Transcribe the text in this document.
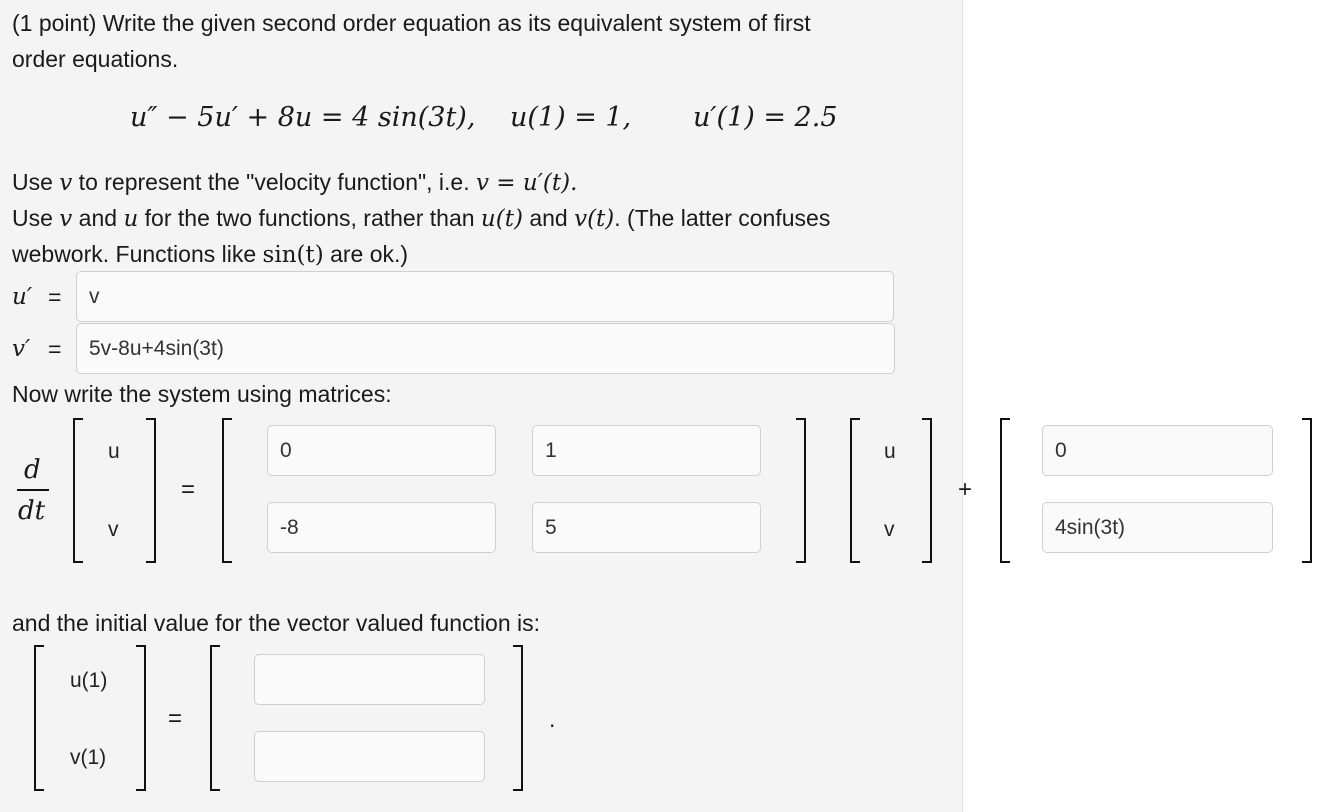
(1 point) Write the given second order equation as its equivalent system of first
order equations.
u″ − 5u′ + 8u = 4 sin(3t), u(1) = 1, u′(1) = 2.5
Use v to represent the "velocity function", i.e. v = u′(t).
Use v and u for the two functions, rather than u(t) and v(t). (The latter confuses
webwork. Functions like sin(t) are ok.)
u′ =
v
v′ =
5v-8u+4sin(3t)
Now write the system using matrices:
d
dt
u
v
=
0
1
-8
5
u
v
+
0
4sin(3t)
and the initial value for the vector valued function is:
u(1)
v(1)
=	.
